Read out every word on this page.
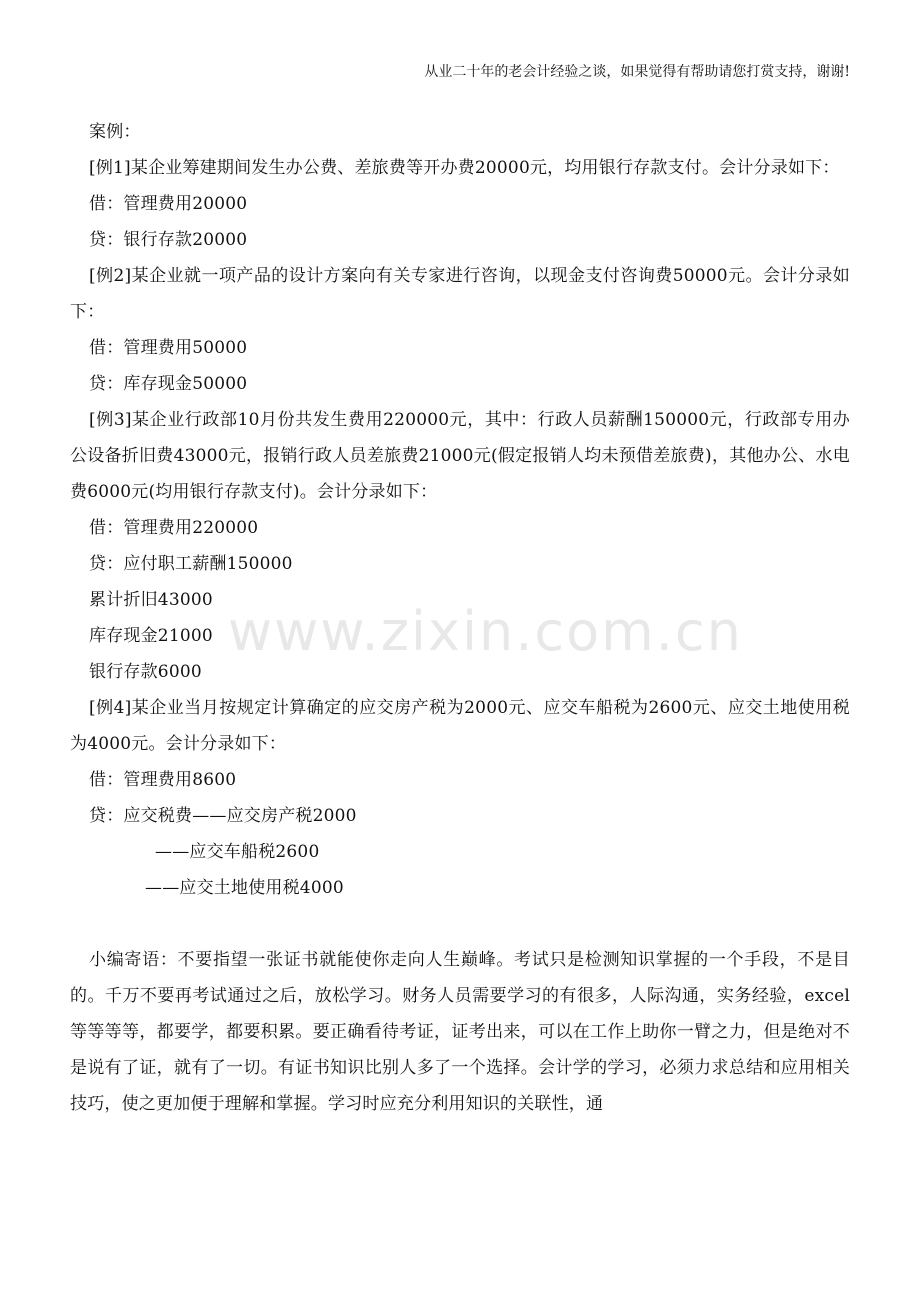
从业二十年的老会计经验之谈，如果觉得有帮助请您打赏支持，谢谢!
www.zixin.com.cn

案例：

[例1]某企业筹建期间发生办公费、差旅费等开办费20000元，均用银行存款支付。会计分录如下：

借：管理费用20000

贷：银行存款20000

[例2]某企业就一项产品的设计方案向有关专家进行咨询，以现金支付咨询费50000元。会计分录如下：

借：管理费用50000

贷：库存现金50000

[例3]某企业行政部10月份共发生费用220000元，其中：行政人员薪酬150000元，行政部专用办公设备折旧费43000元，报销行政人员差旅费21000元(假定报销人均未预借差旅费)，其他办公、水电费6000元(均用银行存款支付)。会计分录如下：

借：管理费用220000

贷：应付职工薪酬150000

累计折旧43000

库存现金21000

银行存款6000

[例4]某企业当月按规定计算确定的应交房产税为2000元、应交车船税为2600元、应交土地使用税为4000元。会计分录如下：

借：管理费用8600

贷：应交税费——应交房产税2000

——应交车船税2600

——应交土地使用税4000

小编寄语：不要指望一张证书就能使你走向人生巅峰。考试只是检测知识掌握的一个手段，不是目的。千万不要再考试通过之后，放松学习。财务人员需要学习的有很多，人际沟通，实务经验，excel等等等等，都要学，都要积累。要正确看待考证，证考出来，可以在工作上助你一臂之力，但是绝对不是说有了证，就有了一切。有证书知识比别人多了一个选择。会计学的学习，必须力求总结和应用相关技巧，使之更加便于理解和掌握。学习时应充分利用知识的关联性，通
